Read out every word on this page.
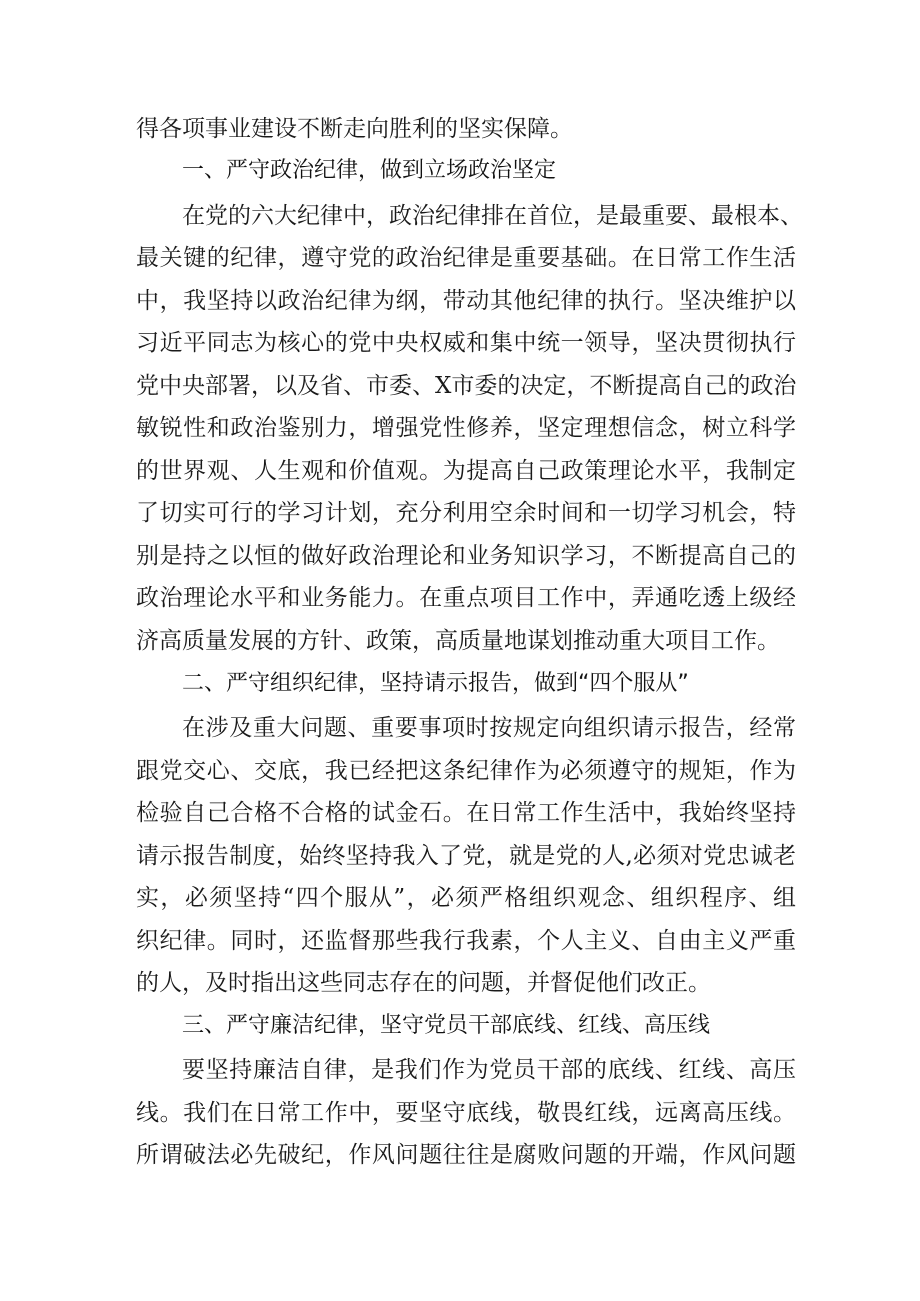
得各项事业建设不断走向胜利的坚实保障。
一、严守政治纪律，做到立场政治坚定
在党的六大纪律中，政治纪律排在首位，是最重要、最根本、
最关键的纪律，遵守党的政治纪律是重要基础。在日常工作生活
中，我坚持以政治纪律为纲，带动其他纪律的执行。坚决维护以
习近平同志为核心的党中央权威和集中统一领导，坚决贯彻执行
党中央部署，以及省、市委、X市委的决定，不断提高自己的政治
敏锐性和政治鉴别力，增强党性修养，坚定理想信念，树立科学
的世界观、人生观和价值观。为提高自己政策理论水平，我制定
了切实可行的学习计划，充分利用空余时间和一切学习机会，特
别是持之以恒的做好政治理论和业务知识学习，不断提高自己的
政治理论水平和业务能力。在重点项目工作中，弄通吃透上级经
济高质量发展的方针、政策，高质量地谋划推动重大项目工作。
二、严守组织纪律，坚持请示报告，做到“四个服从”
在涉及重大问题、重要事项时按规定向组织请示报告，经常
跟党交心、交底，我已经把这条纪律作为必须遵守的规矩，作为
检验自己合格不合格的试金石。在日常工作生活中，我始终坚持
请示报告制度，始终坚持我入了党，就是党的人,必须对党忠诚老
实，必须坚持“四个服从”，必须严格组织观念、组织程序、组
织纪律。同时，还监督那些我行我素，个人主义、自由主义严重
的人，及时指出这些同志存在的问题，并督促他们改正。
三、严守廉洁纪律，坚守党员干部底线、红线、高压线
要坚持廉洁自律，是我们作为党员干部的底线、红线、高压
线。我们在日常工作中，要坚守底线，敬畏红线，远离高压线。
所谓破法必先破纪，作风问题往往是腐败问题的开端，作风问题
